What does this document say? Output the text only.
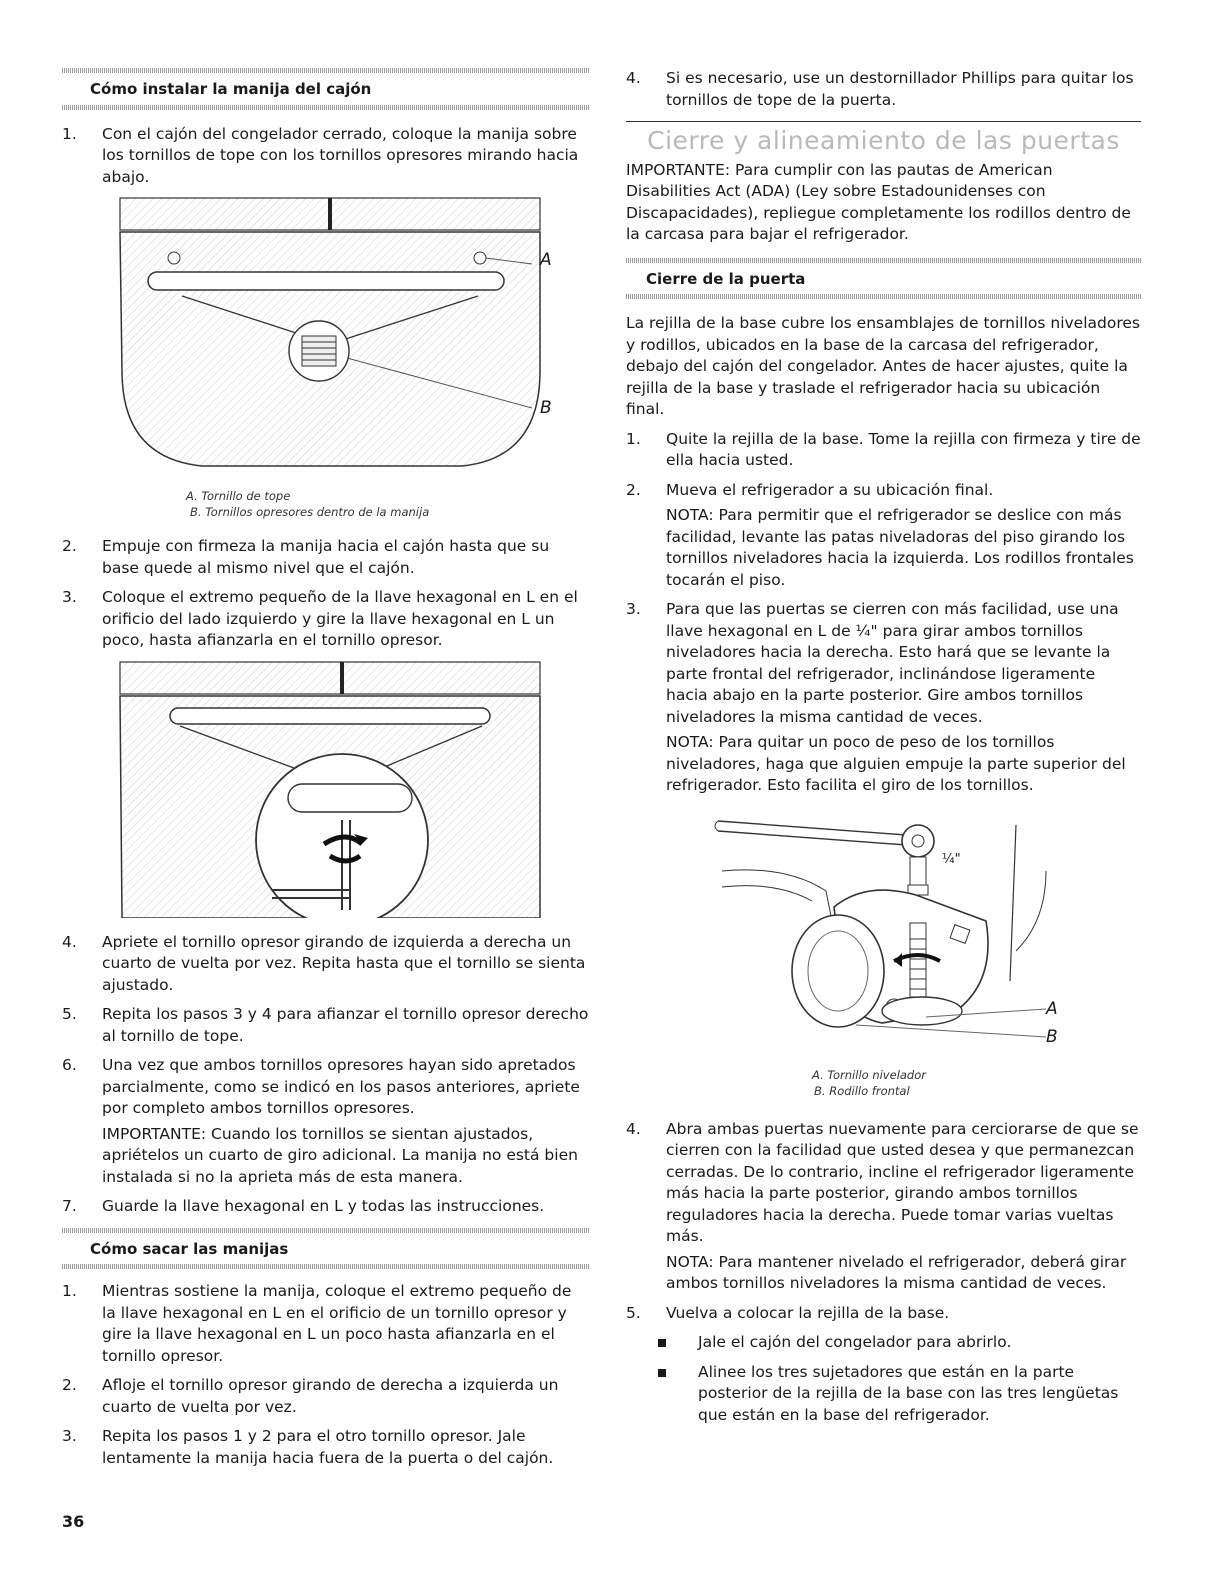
Cómo instalar la manija del cajón
1. Con el cajón del congelador cerrado, coloque la manija sobre los tornillos de tope con los tornillos opresores mirando hacia abajo.
A
B
A. Tornillo de tope
B. Tornillos opresores dentro de la manija
2. Empuje con firmeza la manija hacia el cajón hasta que su base quede al mismo nivel que el cajón.
3. Coloque el extremo pequeño de la llave hexagonal en L en el orificio del lado izquierdo y gire la llave hexagonal en L un poco, hasta afianzarla en el tornillo opresor.
4. Apriete el tornillo opresor girando de izquierda a derecha un cuarto de vuelta por vez. Repita hasta que el tornillo se sienta ajustado.
5. Repita los pasos 3 y 4 para afianzar el tornillo opresor derecho al tornillo de tope.
6. Una vez que ambos tornillos opresores hayan sido apretados parcialmente, como se indicó en los pasos anteriores, apriete por completo ambos tornillos opresores.

IMPORTANTE: Cuando los tornillos se sientan ajustados, apriételos un cuarto de giro adicional. La manija no está bien instalada si no la aprieta más de esta manera.

7. Guarde la llave hexagonal en L y todas las instrucciones.
Cómo sacar las manijas
1. Mientras sostiene la manija, coloque el extremo pequeño de la llave hexagonal en L en el orificio de un tornillo opresor y gire la llave hexagonal en L un poco hasta afianzarla en el tornillo opresor.
2. Afloje el tornillo opresor girando de derecha a izquierda un cuarto de vuelta por vez.
3. Repita los pasos 1 y 2 para el otro tornillo opresor. Jale lentamente la manija hacia fuera de la puerta o del cajón.
4. Si es necesario, use un destornillador Phillips para quitar los tornillos de tope de la puerta.
Cierre y alineamiento de las puertas

IMPORTANTE: Para cumplir con las pautas de American Disabilities Act (ADA) (Ley sobre Estadounidenses con Discapacidades), repliegue completamente los rodillos dentro de la carcasa para bajar el refrigerador.

Cierre de la puerta

La rejilla de la base cubre los ensamblajes de tornillos niveladores y rodillos, ubicados en la base de la carcasa del refrigerador, debajo del cajón del congelador. Antes de hacer ajustes, quite la rejilla de la base y traslade el refrigerador hacia su ubicación final.

1. Quite la rejilla de la base. Tome la rejilla con firmeza y tire de ella hacia usted.
2. Mueva el refrigerador a su ubicación final.

NOTA: Para permitir que el refrigerador se deslice con más facilidad, levante las patas niveladoras del piso girando los tornillos niveladores hacia la izquierda. Los rodillos frontales tocarán el piso.

3. Para que las puertas se cierren con más facilidad, use una llave hexagonal en L de ¼" para girar ambos tornillos niveladores hacia la derecha. Esto hará que se levante la parte frontal del refrigerador, inclinándose ligeramente hacia abajo en la parte posterior. Gire ambos tornillos niveladores la misma cantidad de veces.

NOTA: Para quitar un poco de peso de los tornillos niveladores, haga que alguien empuje la parte superior del refrigerador. Esto facilita el giro de los tornillos.

¼"
A
B
A. Tornillo nivelador
B. Rodillo frontal
4. Abra ambas puertas nuevamente para cerciorarse de que se cierren con la facilidad que usted desea y que permanezcan cerradas. De lo contrario, incline el refrigerador ligeramente más hacia la parte posterior, girando ambos tornillos reguladores hacia la derecha. Puede tomar varias vueltas más.

NOTA: Para mantener nivelado el refrigerador, deberá girar ambos tornillos niveladores la misma cantidad de veces.

5. Vuelva a colocar la rejilla de la base.
Jale el cajón del congelador para abrirlo.
Alinee los tres sujetadores que están en la parte posterior de la rejilla de la base con las tres lengüetas que están en la base del refrigerador.
36
